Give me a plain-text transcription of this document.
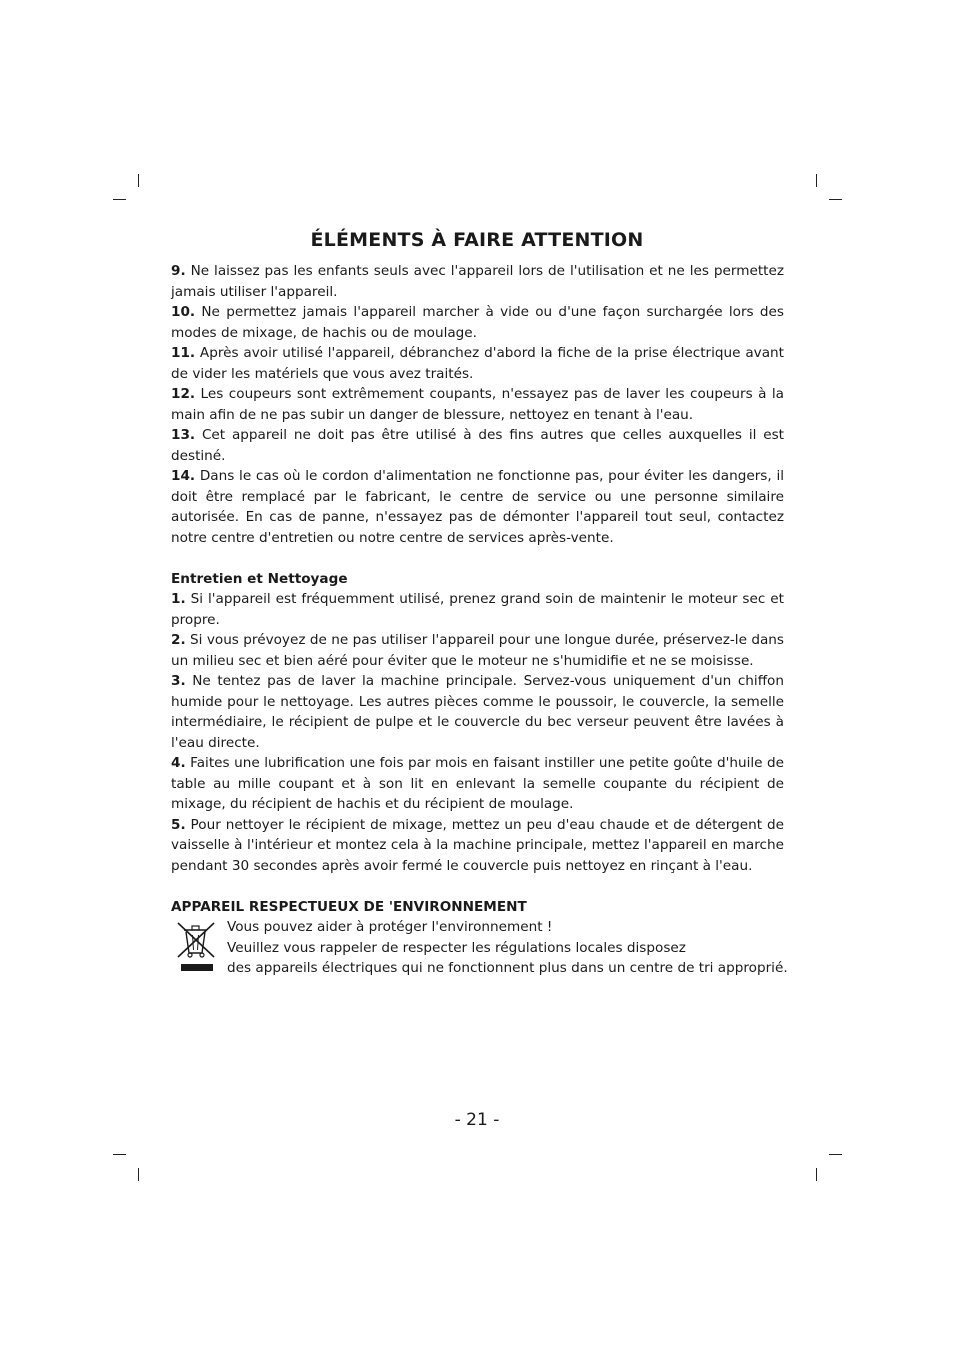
ÉLÉMENTS À FAIRE ATTENTION

9. Ne laissez pas les enfants seuls avec l'appareil lors de l'utilisation et ne les permettez jamais utiliser l'appareil.

10. Ne permettez jamais l'appareil marcher à vide ou d'une façon surchargée lors des modes de mixage, de hachis ou de moulage.

11. Après avoir utilisé l'appareil, débranchez d'abord la fiche de la prise électrique avant de vider les matériels que vous avez traités.

12. Les coupeurs sont extrêmement coupants, n'essayez pas de laver les coupeurs à la main afin de ne pas subir un danger de blessure, nettoyez en tenant à l'eau.

13. Cet appareil ne doit pas être utilisé à des fins autres que celles auxquelles il est destiné.

14. Dans le cas où le cordon d'alimentation ne fonctionne pas, pour éviter les dangers, il doit être remplacé par le fabricant, le centre de service ou une personne similaire autorisée. En cas de panne, n'essayez pas de démonter l'appareil tout seul, contactez notre centre d'entretien ou notre centre de services après-vente.

Entretien et Nettoyage

1. Si l'appareil est fréquemment utilisé, prenez grand soin de maintenir le moteur sec et propre.

2. Si vous prévoyez de ne pas utiliser l'appareil pour une longue durée, préservez-le dans un milieu sec et bien aéré pour éviter que le moteur ne s'humidifie et ne se moisisse.

3. Ne tentez pas de laver la machine principale. Servez-vous uniquement d'un chiffon humide pour le nettoyage. Les autres pièces comme le poussoir, le couvercle, la semelle intermédiaire, le récipient de pulpe et le couvercle du bec verseur peuvent être lavées à l'eau directe.

4. Faites une lubrification une fois par mois en faisant instiller une petite goûte d'huile de table au mille coupant et à son lit en enlevant la semelle coupante du récipient de mixage, du récipient de hachis et du récipient de moulage.

5. Pour nettoyer le récipient de mixage, mettez un peu d'eau chaude et de détergent de vaisselle à l'intérieur et montez cela à la machine principale, mettez l'appareil en marche pendant 30 secondes après avoir fermé le couvercle puis nettoyez en rinçant à l'eau.

APPAREIL RESPECTUEUX DE 'ENVIRONNEMENT

Vous pouvez aider à protéger l'environnement !

Veuillez vous rappeler de respecter les régulations locales disposez

des appareils électriques qui ne fonctionnent plus dans un centre de tri approprié.

- 21 -
